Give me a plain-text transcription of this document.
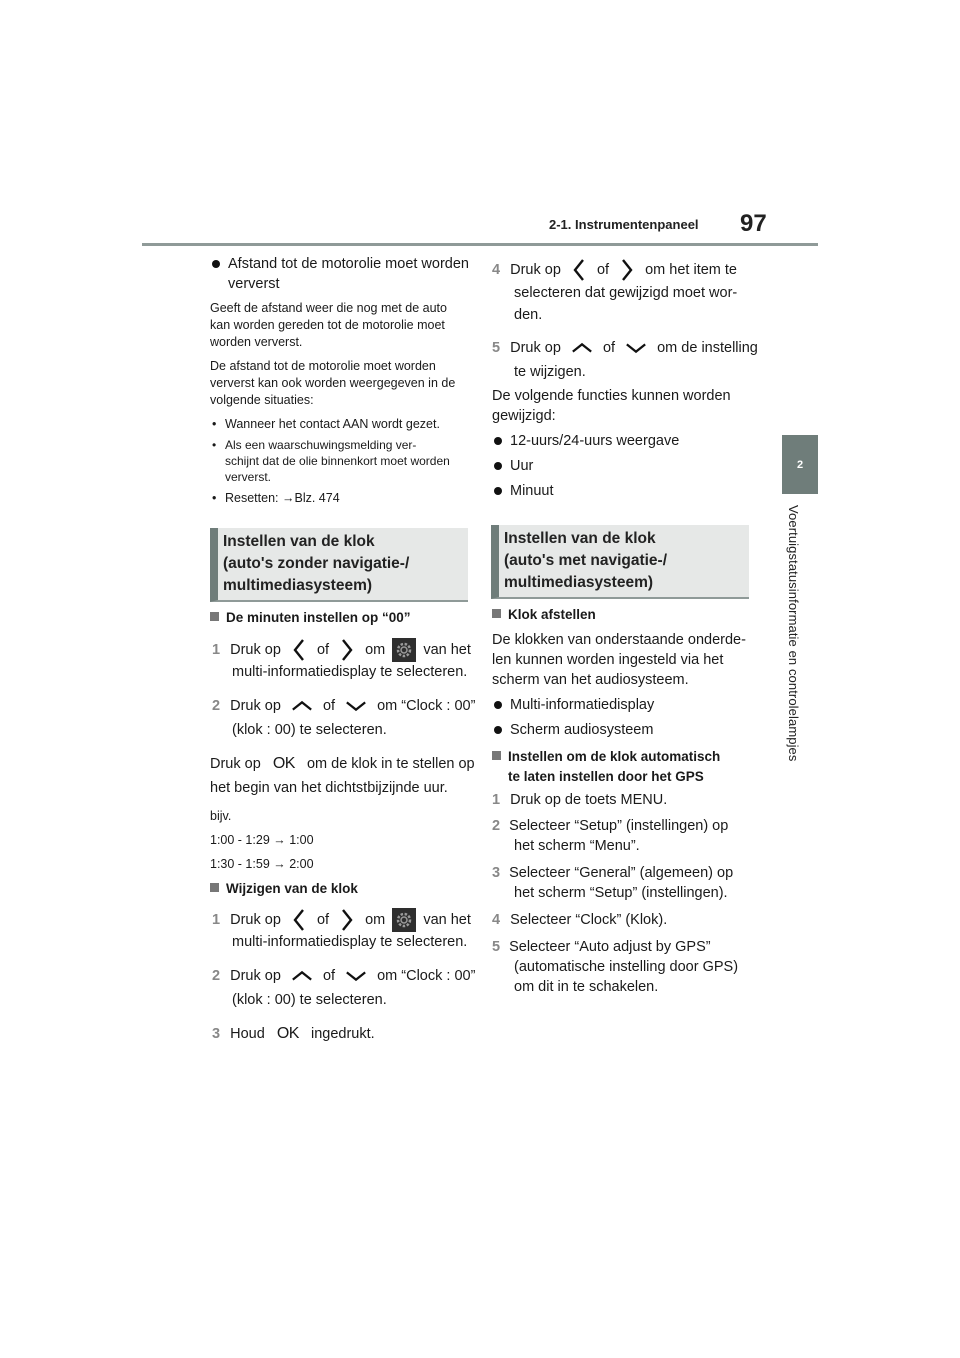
2-1. Instrumentenpaneel 97
2
Voertuigstatusinformatie en controlelampjes
Afstand tot de motorolie moet worden
ververst
Geeft de afstand weer die nog met de auto
kan worden gereden tot de motorolie moet
worden ververst.
De afstand tot de motorolie moet worden
ververst kan ook worden weergegeven in de
volgende situaties:
• Wanneer het contact AAN wordt gezet.
• Als een waarschuwingsmelding ver-
schijnt dat de olie binnenkort moet worden
ververst.
• Resetten: →Blz. 474
Instellen van de klok
(auto's zonder navigatie-/
multimediasysteem)
De minuten instellen op “00”
1 Druk op of om	van het
multi-informatiedisplay te selecteren.
2 Druk op	of	om “Clock : 00”
(klok : 00) te selecteren.
Druk op OK om de klok in te stellen op
het begin van het dichtstbijzijnde uur.
bijv.
1:00 - 1:29 → 1:00
1:30 - 1:59 → 2:00
Wijzigen van de klok
1 Druk op of om	van het
multi-informatiedisplay te selecteren.
2 Druk op	of	om “Clock : 00”
(klok : 00) te selecteren.
3 Houd OK ingedrukt.
4 Druk op of om het item te
selecteren dat gewijzigd moet wor-
den.
5 Druk op	of	om de instelling
te wijzigen.
De volgende functies kunnen worden
gewijzigd:
12-uurs/24-uurs weergave
Uur
Minuut
Instellen van de klok
(auto's met navigatie-/
multimediasysteem)
Klok afstellen
De klokken van onderstaande onderde-
len kunnen worden ingesteld via het
scherm van het audiosysteem.
Multi-informatiedisplay
Scherm audiosysteem
Instellen om de klok automatisch
te laten instellen door het GPS
1 Druk op de toets MENU.
2 Selecteer “Setup” (instellingen) op
het scherm “Menu”.
3 Selecteer “General” (algemeen) op
het scherm “Setup” (instellingen).
4 Selecteer “Clock” (Klok).
5 Selecteer “Auto adjust by GPS”
(automatische instelling door GPS)
om dit in te schakelen.
